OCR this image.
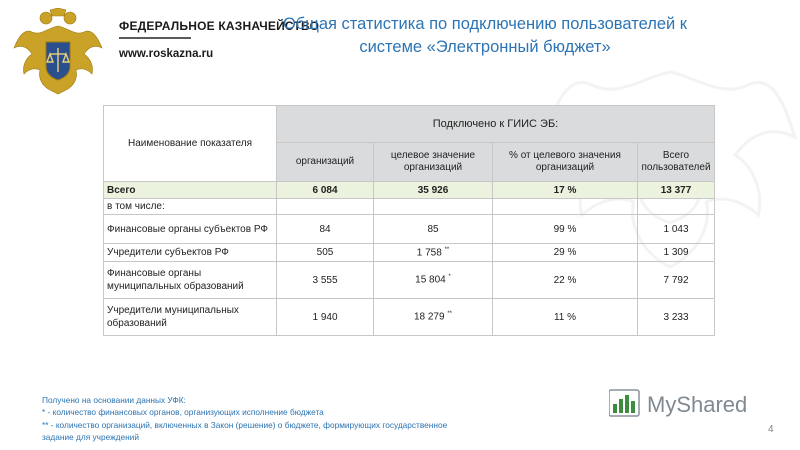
ФЕДЕРАЛЬНОЕ КАЗНАЧЕЙСТВО
www.roskazna.ru
Общая статистика по подключению пользователей к системе «Электронный бюджет»
Наименование показателя	Подключено к ГИИС ЭБ:			
	организаций	целевое значение организаций	% от целевого значения организаций	Всего пользователей
Всего	6 084	35 926	17 %	13 377
в том числе:				
Финансовые органы субъектов РФ	84	85	99 %	1 043
Учредители субъектов РФ	505	1 758 **	29 %	1 309
Финансовые органы муниципальных образований	3 555	15 804 *	22 %	7 792
Учредители муниципальных образований	1 940	18 279 **	11 %	3 233
Получено на основании данных УФК:
* - количество финансовых органов, организующих исполнение бюджета
** - количество организаций, включенных в Закон (решение) о бюджете, формирующих государственное задание для учреждений
MyShared
4
